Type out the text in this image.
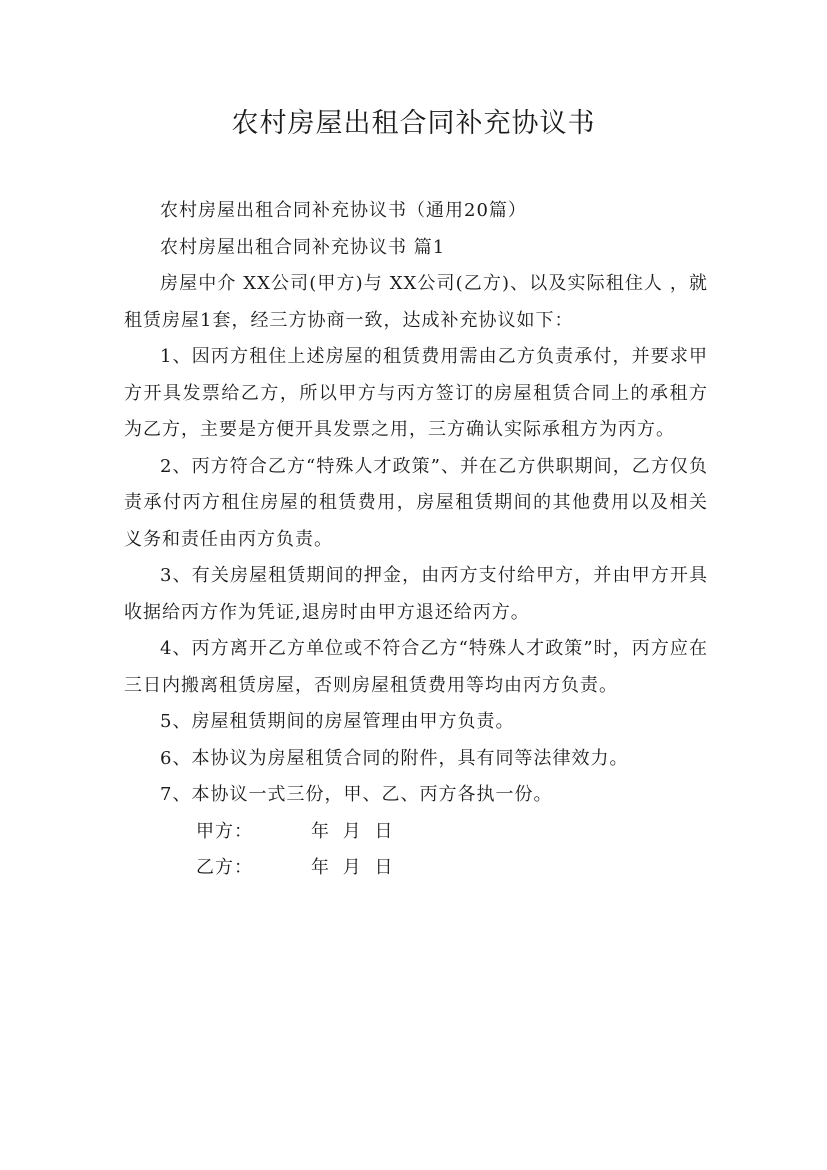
农村房屋出租合同补充协议书

农村房屋出租合同补充协议书（通用20篇）

农村房屋出租合同补充协议书 篇1

房屋中介 XX公司(甲方)与 XX公司(乙方)、以及实际租住人 ，就租赁房屋1套，经三方协商一致，达成补充协议如下：

1、因丙方租住上述房屋的租赁费用需由乙方负责承付，并要求甲方开具发票给乙方，所以甲方与丙方签订的房屋租赁合同上的承租方为乙方，主要是方便开具发票之用，三方确认实际承租方为丙方。

2、丙方符合乙方“特殊人才政策”、并在乙方供职期间，乙方仅负责承付丙方租住房屋的租赁费用，房屋租赁期间的其他费用以及相关义务和责任由丙方负责。

3、有关房屋租赁期间的押金，由丙方支付给甲方，并由甲方开具收据给丙方作为凭证,退房时由甲方退还给丙方。

4、丙方离开乙方单位或不符合乙方“特殊人才政策”时，丙方应在三日内搬离租赁房屋，否则房屋租赁费用等均由丙方负责。

5、房屋租赁期间的房屋管理由甲方负责。

6、本协议为房屋租赁合同的附件，具有同等法律效力。

7、本协议一式三份，甲、乙、丙方各执一份。

甲方：	年 月 日

乙方：	年 月 日
